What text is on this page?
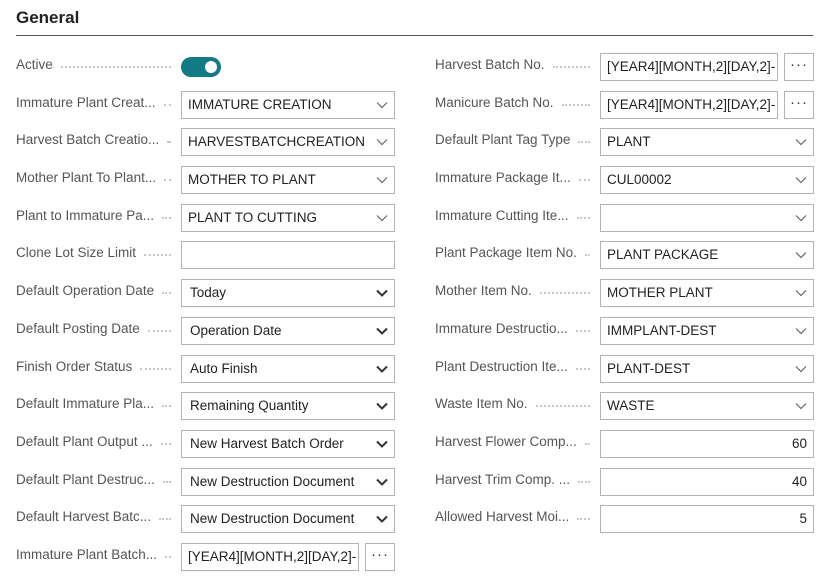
General
Active
Immature Plant Creat... IMMATURE CREATION
Harvest Batch Creatio... HARVESTBATCHCREATION
Mother Plant To Plant... MOTHER TO PLANT
Plant to Immature Pa...	PLANT TO CUTTING
Clone Lot Size Limit
Default Operation Date	Today
Default Posting Date	Operation Date
Finish Order Status	Auto Finish
Default Immature Pla...	Remaining Quantity
Default Plant Output ...	New Harvest Batch Order
Default Plant Destruc...	New Destruction Document
Default Harvest Batc...	New Destruction Document
Immature Plant Batch...	[YEAR4][MONTH,2][DAY,2]- ···
Harvest Batch No.	[YEAR4][MONTH,2][DAY,2]- ···
Manicure Batch No.	[YEAR4][MONTH,2][DAY,2]- ···
Default Plant Tag Type	PLANT
Immature Package It...	CUL00002
Immature Cutting Ite...
Plant Package Item No. PLANT PACKAGE
Mother Item No.	MOTHER PLANT
Immature Destructio...	IMMPLANT-DEST
Plant Destruction Ite...	PLANT-DEST
Waste Item No.	WASTE
Harvest Flower Comp...	60
Harvest Trim Comp. ...	40
Allowed Harvest Moi...	5
